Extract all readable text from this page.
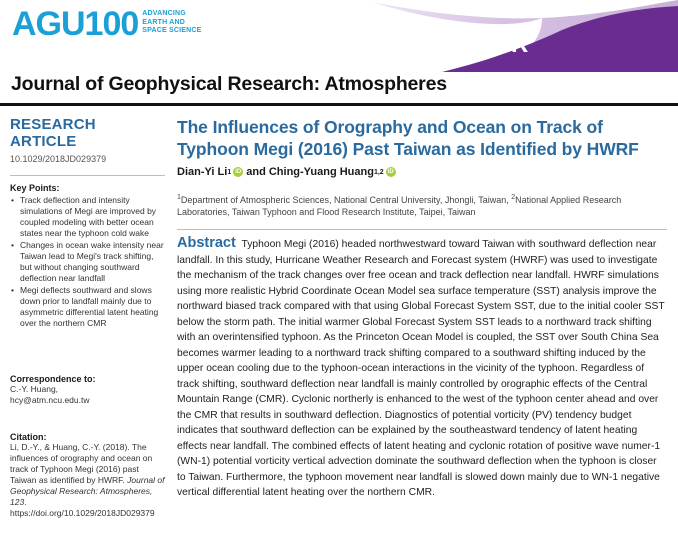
AGU100 ADVANCING
EARTH AND
SPACE SCIENCE
JGR
Journal of Geophysical Research: Atmospheres
RESEARCH ARTICLE
10.1029/2018JD029379
Key Points:
• Track deflection and intensity simulations of Megi are improved by coupled modeling with better ocean states near the typhoon cold wake
• Changes in ocean wake intensity near Taiwan lead to Megi's track shifting, but without changing southward deflection near landfall
• Megi deflects southward and slows down prior to landfall mainly due to asymmetric differential latent heating over the northern CMR
Correspondence to:
C.-Y. Huang,
hcy@atm.ncu.edu.tw
Citation:
Li, D.-Y., & Huang, C.-Y. (2018). The influences of orography and ocean on track of Typhoon Megi (2016) past Taiwan as identified by HWRF. Journal of Geophysical Research: Atmospheres, 123. https://doi.org/10.1029/2018JD029379
The Influences of Orography and Ocean on Track of Typhoon Megi (2016) Past Taiwan as Identified by HWRF
Dian-Yi Li 1 iD and Ching-Yuang Huang 1,2 iD
$^1$Department of Atmospheric Sciences, National Central University, Jhongli, Taiwan, $^2$National Applied Research Laboratories, Taiwan Typhoon and Flood Research Institute, Taipei, Taiwan
Abstract Typhoon Megi (2016) headed northwestward toward Taiwan with southward deflection near landfall. In this study, Hurricane Weather Research and Forecast system (HWRF) was used to investigate the mechanism of the track changes over free ocean and track deflection near landfall. HWRF simulations using more realistic Hybrid Coordinate Ocean Model sea surface temperature (SST) analysis improve the northward biased track compared with that using Global Forecast System SST, due to the initial cooler SST below the storm path. The initial warmer Global Forecast System SST leads to a northward track shifting with an overintensified typhoon. As the Princeton Ocean Model is coupled, the SST over South China Sea becomes warmer leading to a northward track shifting compared to a southward shifting induced by the upper ocean cooling due to the typhoon-ocean interactions in the vicinity of the typhoon. Regardless of track shifting, southward deflection near landfall is mainly controlled by orographic effects of the Central Mountain Range (CMR). Cyclonic northerly is enhanced to the west of the typhoon center ahead and over the CMR that results in southward deflection. Diagnostics of potential vorticity (PV) tendency budget indicates that southward deflection can be explained by the southeastward tendency of latent heating effects near landfall. The combined effects of latent heating and cyclonic rotation of positive wave numer-1 (WN-1) potential vorticity vertical advection dominate the southward deflection when the typhoon is closer to Taiwan. Furthermore, the typhoon movement near landfall is slowed down mainly due to WN-1 negative vertical differential latent heating over the northern CMR.
